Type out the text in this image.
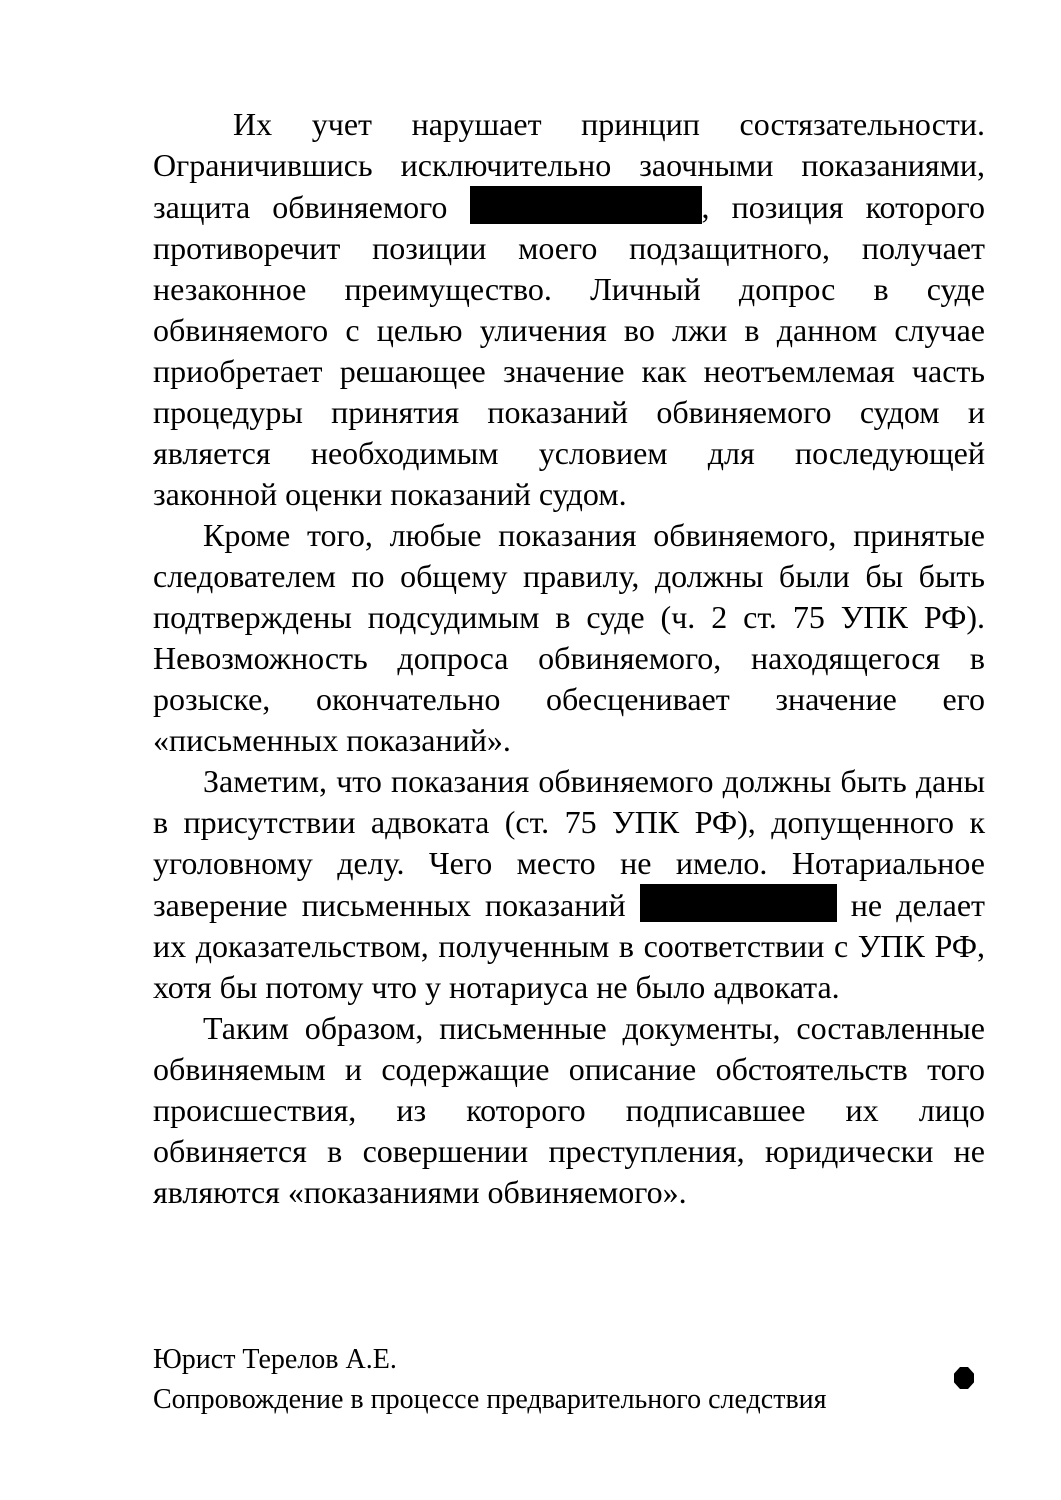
Их учет нарушает принцип состязательности. Ограничившись исключительно заочными показаниями, защита обвиняемого	, позиция которого противоречит позиции моего подзащитного, получает незаконное преимущество. Личный допрос в суде обвиняемого с целью уличения во лжи в данном случае приобретает решающее значение как неотъемлемая часть процедуры принятия показаний обвиняемого судом и является необходимым условием для последующей законной оценки показаний судом.

Кроме того, любые показания обвиняемого, принятые следователем по общему правилу, должны были бы быть подтверждены подсудимым в суде (ч. 2 ст. 75 УПК РФ). Невозможность допроса обвиняемого, находящегося в розыске, окончательно обесценивает значение его «письменных показаний».

Заметим, что показания обвиняемого должны быть даны в присутствии адвоката (ст. 75 УПК РФ), допущенного к уголовному делу. Чего место не имело. Нотариальное заверение письменных показаний	не делает их доказательством, полученным в соответствии с УПК РФ, хотя бы потому что у нотариуса не было адвоката.

Таким образом, письменные документы, составленные обвиняемым и содержащие описание обстоятельств того происшествия, из которого подписавшее их лицо обвиняется в совершении преступления, юридически не являются «показаниями обвиняемого».

Юрист Терелов А.Е.
Сопровождение в процессе предварительного следствия
